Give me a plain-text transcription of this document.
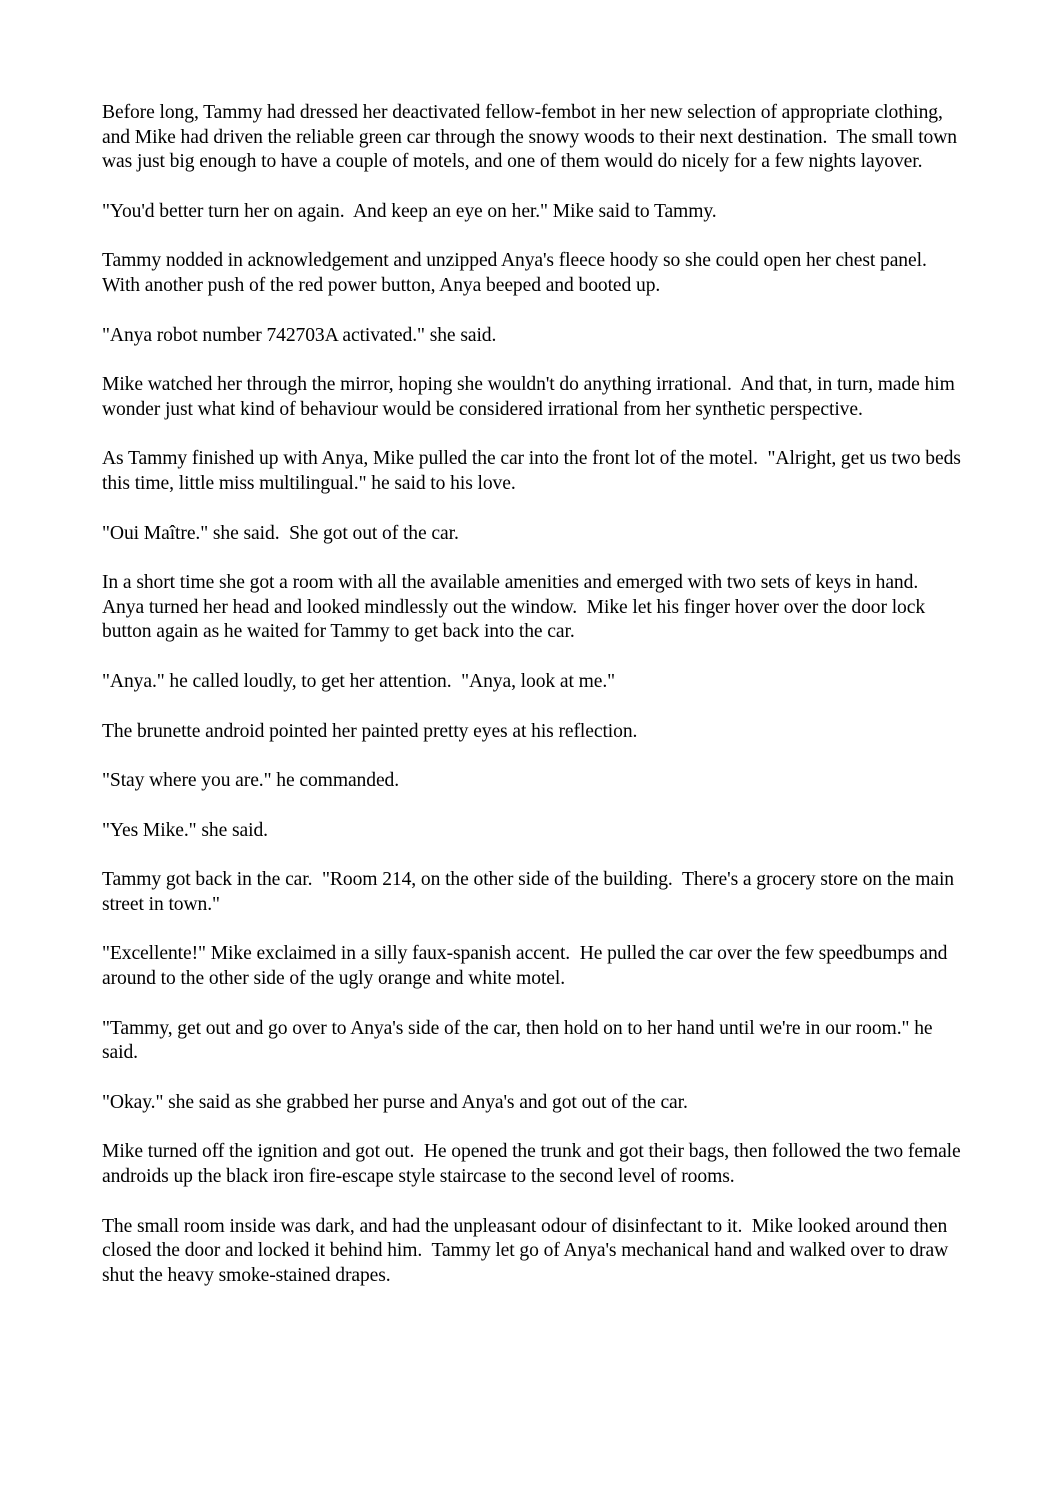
Before long, Tammy had dressed her deactivated fellow-fembot in her new selection of appropriate clothing, and Mike had driven the reliable green car through the snowy woods to their next destination.  The small town was just big enough to have a couple of motels, and one of them would do nicely for a few nights layover.

"You'd better turn her on again.  And keep an eye on her." Mike said to Tammy.

Tammy nodded in acknowledgement and unzipped Anya's fleece hoody so she could open her chest panel.  With another push of the red power button, Anya beeped and booted up.

"Anya robot number 742703A activated." she said.

Mike watched her through the mirror, hoping she wouldn't do anything irrational.  And that, in turn, made him wonder just what kind of behaviour would be considered irrational from her synthetic perspective.

As Tammy finished up with Anya, Mike pulled the car into the front lot of the motel.  "Alright, get us two beds this time, little miss multilingual." he said to his love.

"Oui Maître." she said.  She got out of the car.

In a short time she got a room with all the available amenities and emerged with two sets of keys in hand.  Anya turned her head and looked mindlessly out the window.  Mike let his finger hover over the door lock button again as he waited for Tammy to get back into the car.

"Anya." he called loudly, to get her attention.  "Anya, look at me."

The brunette android pointed her painted pretty eyes at his reflection.

"Stay where you are." he commanded.

"Yes Mike." she said.

Tammy got back in the car.  "Room 214, on the other side of the building.  There's a grocery store on the main street in town."

"Excellente!" Mike exclaimed in a silly faux-spanish accent.  He pulled the car over the few speedbumps and around to the other side of the ugly orange and white motel.

"Tammy, get out and go over to Anya's side of the car, then hold on to her hand until we're in our room." he said.

"Okay." she said as she grabbed her purse and Anya's and got out of the car.

Mike turned off the ignition and got out.  He opened the trunk and got their bags, then followed the two female androids up the black iron fire-escape style staircase to the second level of rooms.

The small room inside was dark, and had the unpleasant odour of disinfectant to it.  Mike looked around then closed the door and locked it behind him.  Tammy let go of Anya's mechanical hand and walked over to draw shut the heavy smoke-stained drapes.
